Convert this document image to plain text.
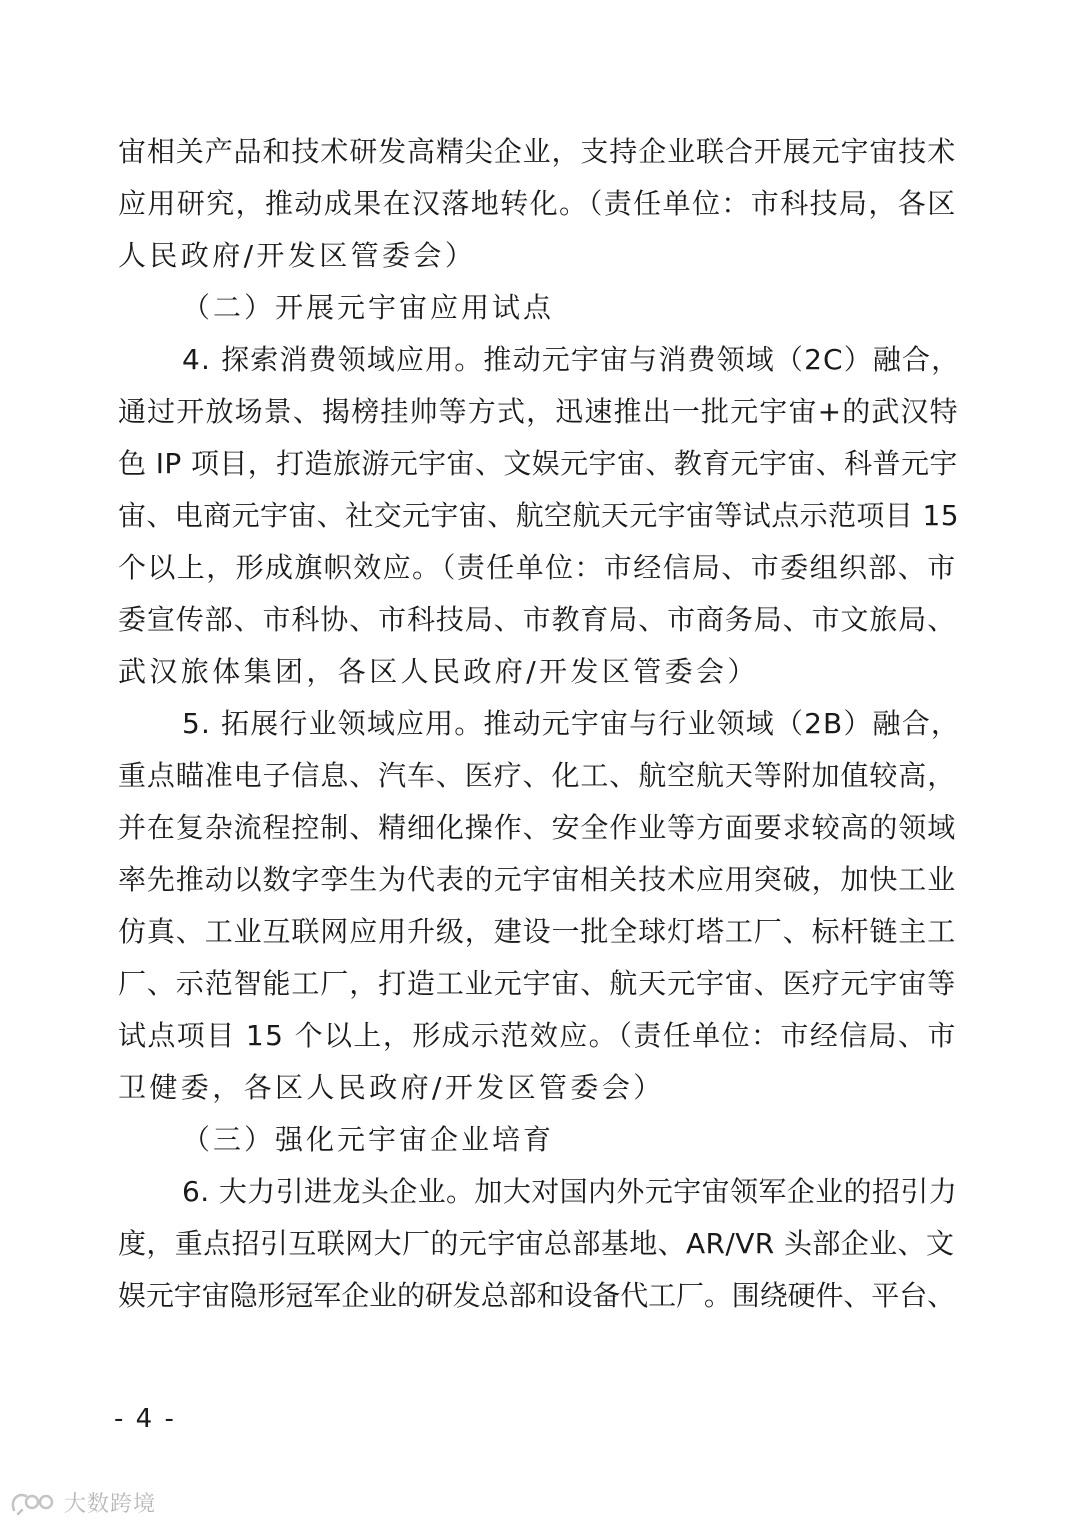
宙相关产品和技术研发高精尖企业，支持企业联合开展元宇宙技术
应用研究，推动成果在汉落地转化。（责任单位：市科技局，各区
人民政府/开发区管委会）
（二）开展元宇宙应用试点
4. 探索消费领域应用。推动元宇宙与消费领域（2C）融合，
通过开放场景、揭榜挂帅等方式，迅速推出一批元宇宙+的武汉特
色 IP 项目，打造旅游元宇宙、文娱元宇宙、教育元宇宙、科普元宇
宙、电商元宇宙、社交元宇宙、航空航天元宇宙等试点示范项目 15
个以上，形成旗帜效应。（责任单位：市经信局、市委组织部、市
委宣传部、市科协、市科技局、市教育局、市商务局、市文旅局、
武汉旅体集团，各区人民政府/开发区管委会）
5. 拓展行业领域应用。推动元宇宙与行业领域（2B）融合，
重点瞄准电子信息、汽车、医疗、化工、航空航天等附加值较高，
并在复杂流程控制、精细化操作、安全作业等方面要求较高的领域
率先推动以数字孪生为代表的元宇宙相关技术应用突破，加快工业
仿真、工业互联网应用升级，建设一批全球灯塔工厂、标杆链主工
厂、示范智能工厂，打造工业元宇宙、航天元宇宙、医疗元宇宙等
试点项目 15 个以上，形成示范效应。（责任单位：市经信局、市
卫健委，各区人民政府/开发区管委会）
（三）强化元宇宙企业培育
6. 大力引进龙头企业。加大对国内外元宇宙领军企业的招引力
度，重点招引互联网大厂的元宇宙总部基地、AR/VR 头部企业、文
娱元宇宙隐形冠军企业的研发总部和设备代工厂。围绕硬件、平台、
- 4 -
大数跨境
